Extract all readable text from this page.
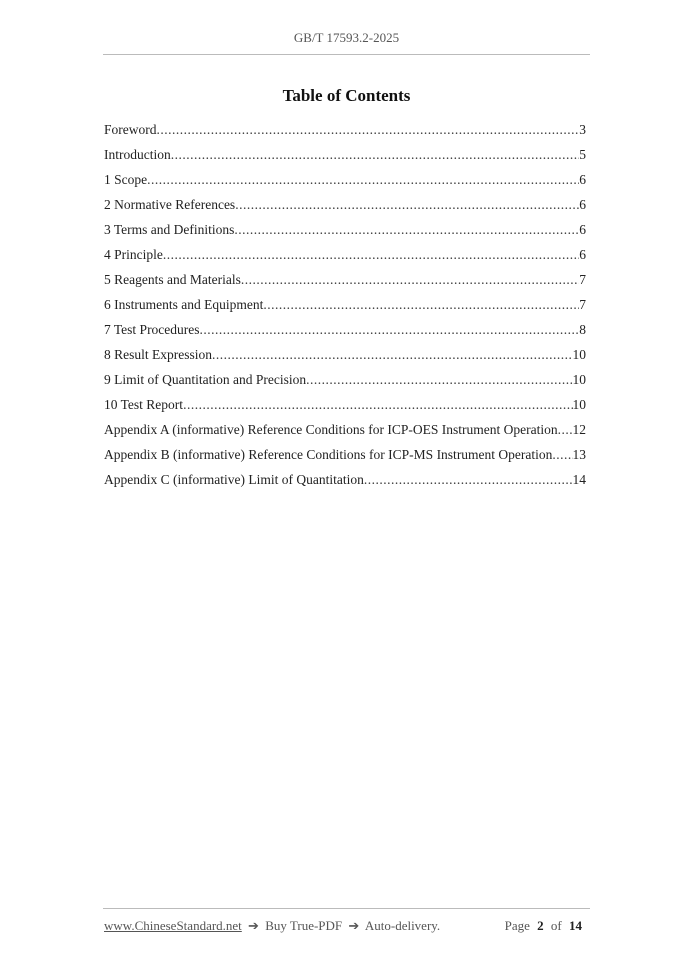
GB/T 17593.2-2025
Table of Contents
Foreword .....	3
Introduction .....	5
1 Scope .....	6
2 Normative References .....	6
3 Terms and Definitions .....	6
4 Principle .....	6
5 Reagents and Materials .....	7
6 Instruments and Equipment .....	7
7 Test Procedures .....	8
8 Result Expression .....	10
9 Limit of Quantitation and Precision .....	10
10 Test Report .....	10
Appendix A (informative) Reference Conditions for ICP-OES Instrument Operation ..... 12
Appendix B (informative) Reference Conditions for ICP-MS Instrument Operation ..... 13
Appendix C (informative) Limit of Quantitation .....	14
www.ChineseStandard.net ➔ Buy True-PDF ➔ Auto-delivery.	Page 2 of 14
